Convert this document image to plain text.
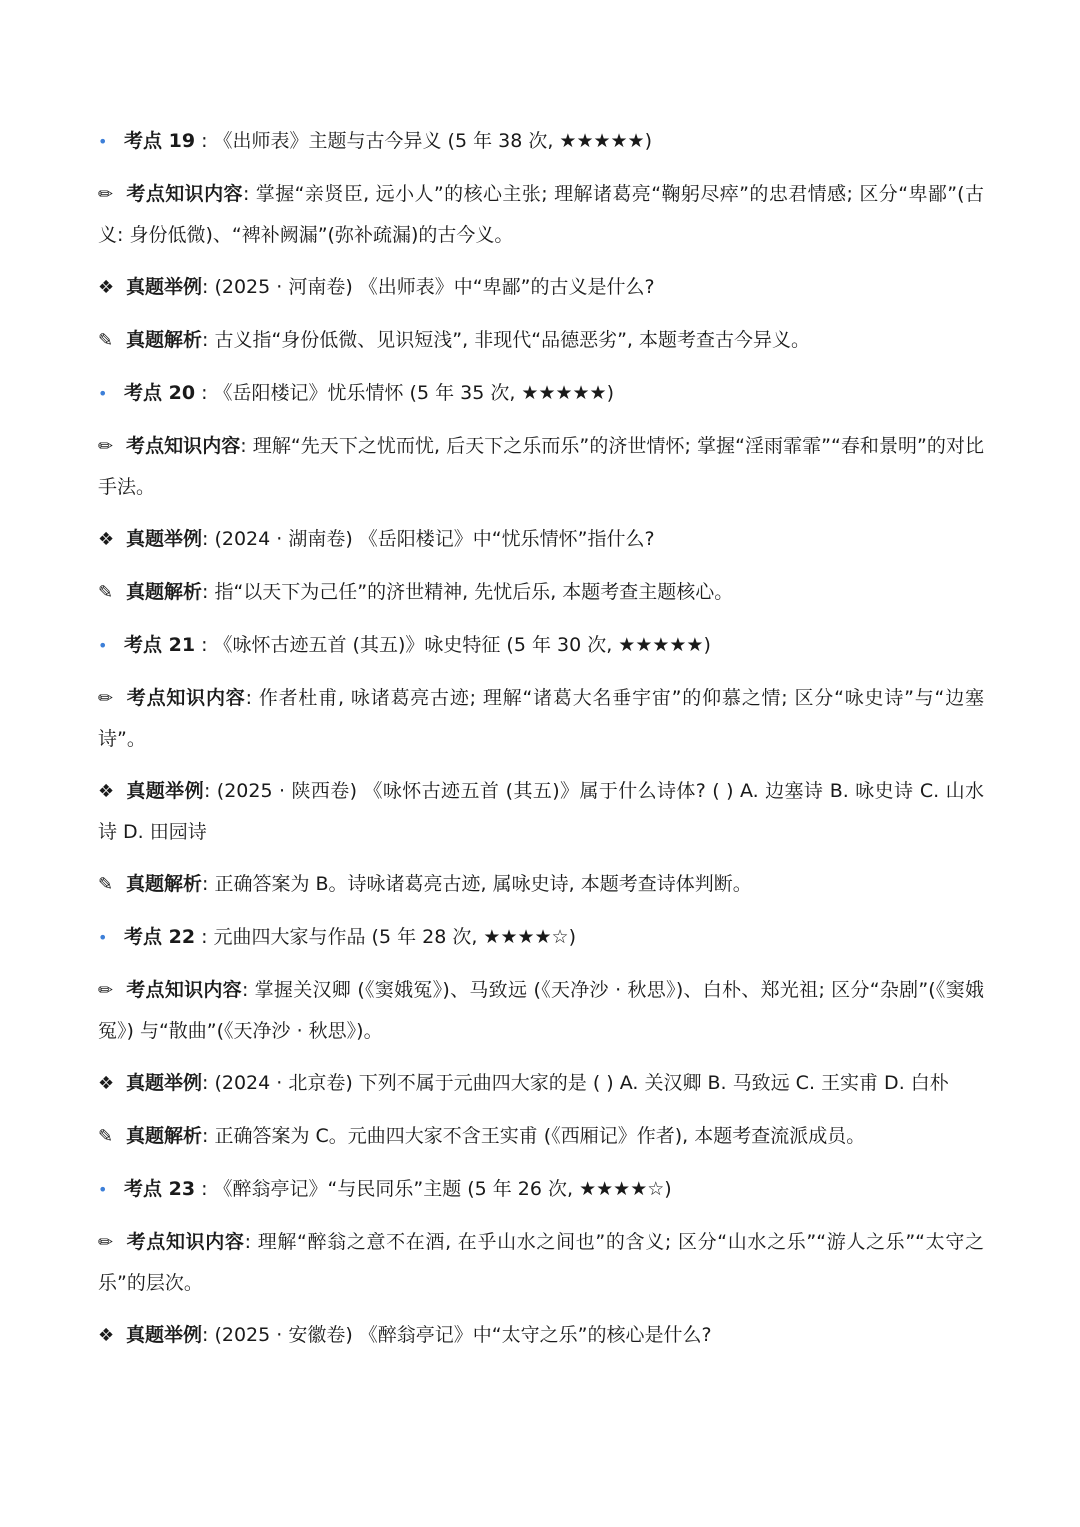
• 考点 19 : 《出师表》主题与古今异义 (5 年 38 次, ★★★★★)

✏ 考点知识内容: 掌握“亲贤臣, 远小人”的核心主张; 理解诸葛亮“鞠躬尽瘁”的忠君情感; 区分“卑鄙”(古义: 身份低微)、“裨补阙漏”(弥补疏漏)的古今义。

❖ 真题举例: (2025 · 河南卷) 《出师表》中“卑鄙”的古义是什么?

✎ 真题解析: 古义指“身份低微、见识短浅”, 非现代“品德恶劣”, 本题考查古今异义。

• 考点 20 : 《岳阳楼记》忧乐情怀 (5 年 35 次, ★★★★★)

✏ 考点知识内容: 理解“先天下之忧而忧, 后天下之乐而乐”的济世情怀; 掌握“淫雨霏霏”“春和景明”的对比手法。

❖ 真题举例: (2024 · 湖南卷) 《岳阳楼记》中“忧乐情怀”指什么?

✎ 真题解析: 指“以天下为己任”的济世精神, 先忧后乐, 本题考查主题核心。

• 考点 21 : 《咏怀古迹五首 (其五)》咏史特征 (5 年 30 次, ★★★★★)

✏ 考点知识内容: 作者杜甫, 咏诸葛亮古迹; 理解“诸葛大名垂宇宙”的仰慕之情; 区分“咏史诗”与“边塞诗”。

❖ 真题举例: (2025 · 陕西卷) 《咏怀古迹五首 (其五)》属于什么诗体? ( ) A. 边塞诗 B. 咏史诗 C. 山水诗 D. 田园诗

✎ 真题解析: 正确答案为 B。诗咏诸葛亮古迹, 属咏史诗, 本题考查诗体判断。

• 考点 22 : 元曲四大家与作品 (5 年 28 次, ★★★★☆)

✏ 考点知识内容: 掌握关汉卿 (《窦娥冤》)、马致远 (《天净沙 · 秋思》)、白朴、郑光祖; 区分“杂剧”(《窦娥冤》) 与“散曲”(《天净沙 · 秋思》)。

❖ 真题举例: (2024 · 北京卷) 下列不属于元曲四大家的是 ( ) A. 关汉卿 B. 马致远 C. 王实甫 D. 白朴

✎ 真题解析: 正确答案为 C。元曲四大家不含王实甫 (《西厢记》作者), 本题考查流派成员。

• 考点 23 : 《醉翁亭记》“与民同乐”主题 (5 年 26 次, ★★★★☆)

✏ 考点知识内容: 理解“醉翁之意不在酒, 在乎山水之间也”的含义; 区分“山水之乐”“游人之乐”“太守之乐”的层次。

❖ 真题举例: (2025 · 安徽卷) 《醉翁亭记》中“太守之乐”的核心是什么?
